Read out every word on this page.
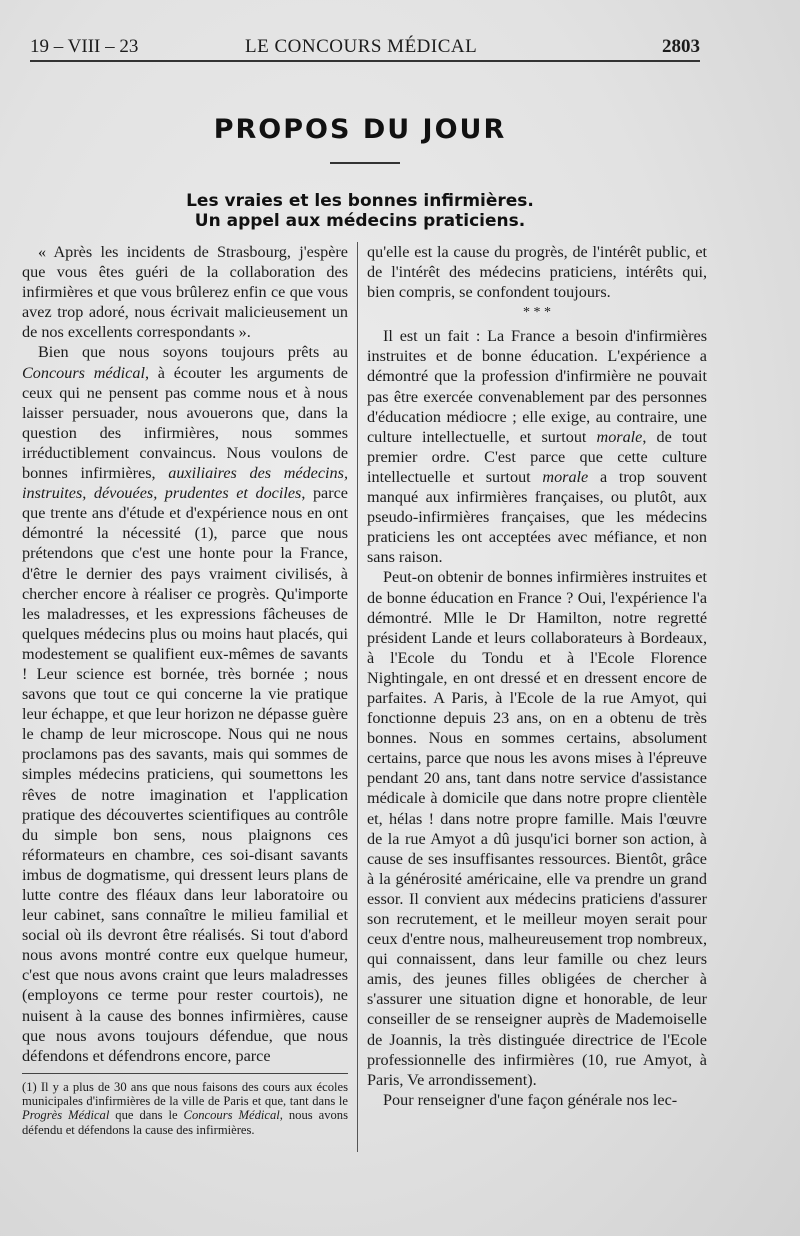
19 – VIII – 23	LE CONCOURS MÉDICAL	2803
PROPOS DU JOUR
Les vraies et les bonnes infirmières.
Un appel aux médecins praticiens.

« Après les incidents de Strasbourg, j'espère que vous êtes guéri de la collaboration des infirmières et que vous brûlerez enfin ce que vous avez trop adoré, nous écrivait malicieusement un de nos excellents correspondants ».

Bien que nous soyons toujours prêts au Concours médical, à écouter les arguments de ceux qui ne pensent pas comme nous et à nous laisser persuader, nous avouerons que, dans la question des infirmières, nous sommes irréductiblement convaincus. Nous voulons de bonnes infirmières, auxiliaires des médecins, instruites, dévouées, prudentes et dociles, parce que trente ans d'étude et d'expérience nous en ont démontré la nécessité (1), parce que nous prétendons que c'est une honte pour la France, d'être le dernier des pays vraiment civilisés, à chercher encore à réaliser ce progrès. Qu'importe les maladresses, et les expressions fâcheuses de quelques médecins plus ou moins haut placés, qui modestement se qualifient eux-mêmes de savants ! Leur science est bornée, très bornée ; nous savons que tout ce qui concerne la vie pratique leur échappe, et que leur horizon ne dépasse guère le champ de leur microscope. Nous qui ne nous proclamons pas des savants, mais qui sommes de simples médecins praticiens, qui soumettons les rêves de notre imagination et l'application pratique des découvertes scientifiques au contrôle du simple bon sens, nous plaignons ces réformateurs en chambre, ces soi-disant savants imbus de dogmatisme, qui dressent leurs plans de lutte contre des fléaux dans leur laboratoire ou leur cabinet, sans connaître le milieu familial et social où ils devront être réalisés. Si tout d'abord nous avons montré contre eux quelque humeur, c'est que nous avons craint que leurs maladresses (employons ce terme pour rester courtois), ne nuisent à la cause des bonnes infirmières, cause que nous avons toujours défendue, que nous défendons et défendrons encore, parce

(1) Il y a plus de 30 ans que nous faisons des cours aux écoles municipales d'infirmières de la ville de Paris et que, tant dans le Progrès Médical que dans le Concours Médical, nous avons défendu et défendons la cause des infirmières.

qu'elle est la cause du progrès, de l'intérêt public, et de l'intérêt des médecins praticiens, intérêts qui, bien compris, se confondent toujours.

* * *

Il est un fait : La France a besoin d'infirmières instruites et de bonne éducation. L'expérience a démontré que la profession d'infirmière ne pouvait pas être exercée convenablement par des personnes d'éducation médiocre ; elle exige, au contraire, une culture intellectuelle, et surtout morale, de tout premier ordre. C'est parce que cette culture intellectuelle et surtout morale a trop souvent manqué aux infirmières françaises, ou plutôt, aux pseudo-infirmières françaises, que les médecins praticiens les ont acceptées avec méfiance, et non sans raison.

Peut-on obtenir de bonnes infirmières instruites et de bonne éducation en France ? Oui, l'expérience l'a démontré. Mlle le Dr Hamilton, notre regretté président Lande et leurs collaborateurs à Bordeaux, à l'Ecole du Tondu et à l'Ecole Florence Nightingale, en ont dressé et en dressent encore de parfaites. A Paris, à l'Ecole de la rue Amyot, qui fonctionne depuis 23 ans, on en a obtenu de très bonnes. Nous en sommes certains, absolument certains, parce que nous les avons mises à l'épreuve pendant 20 ans, tant dans notre service d'assistance médicale à domicile que dans notre propre clientèle et, hélas ! dans notre propre famille. Mais l'œuvre de la rue Amyot a dû jusqu'ici borner son action, à cause de ses insuffisantes ressources. Bientôt, grâce à la générosité américaine, elle va prendre un grand essor. Il convient aux médecins praticiens d'assurer son recrutement, et le meilleur moyen serait pour ceux d'entre nous, malheureusement trop nombreux, qui connaissent, dans leur famille ou chez leurs amis, des jeunes filles obligées de chercher à s'assurer une situation digne et honorable, de leur conseiller de se renseigner auprès de Mademoiselle de Joannis, la très distinguée directrice de l'Ecole professionnelle des infirmières (10, rue Amyot, à Paris, Ve arrondissement).

Pour renseigner d'une façon générale nos lec-
